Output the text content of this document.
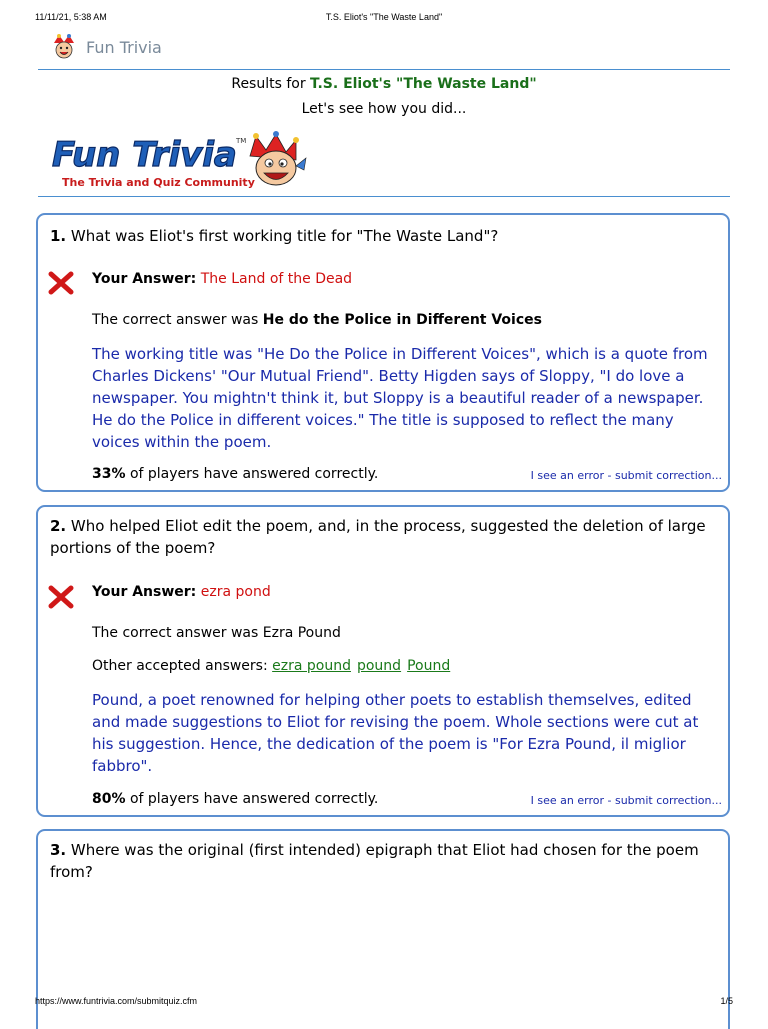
11/11/21, 5:38 AM	T.S. Eliot's "The Waste Land"
Fun Trivia
Results for T.S. Eliot's "The Waste Land"
Let's see how you did...
Fun Trivia TM
The Trivia and Quiz Community
1. What was Eliot's first working title for "The Waste Land"?
Your Answer: The Land of the Dead
The correct answer was He do the Police in Different Voices
The working title was "He Do the Police in Different Voices", which is a quote from Charles Dickens' "Our Mutual Friend". Betty Higden says of Sloppy, "I do love a newspaper. You mightn't think it, but Sloppy is a beautiful reader of a newspaper. He do the Police in different voices." The title is supposed to reflect the many voices within the poem.
33% of players have answered correctly.	I see an error - submit correction...
2. Who helped Eliot edit the poem, and, in the process, suggested the deletion of large portions of the poem?
Your Answer: ezra pond
The correct answer was Ezra Pound
Other accepted answers: ezra pound pound Pound
Pound, a poet renowned for helping other poets to establish themselves, edited and made suggestions to Eliot for revising the poem. Whole sections were cut at his suggestion. Hence, the dedication of the poem is "For Ezra Pound, il miglior fabbro".
80% of players have answered correctly.	I see an error - submit correction...
3. Where was the original (first intended) epigraph that Eliot had chosen for the poem from?
https://www.funtrivia.com/submitquiz.cfm	1/5
